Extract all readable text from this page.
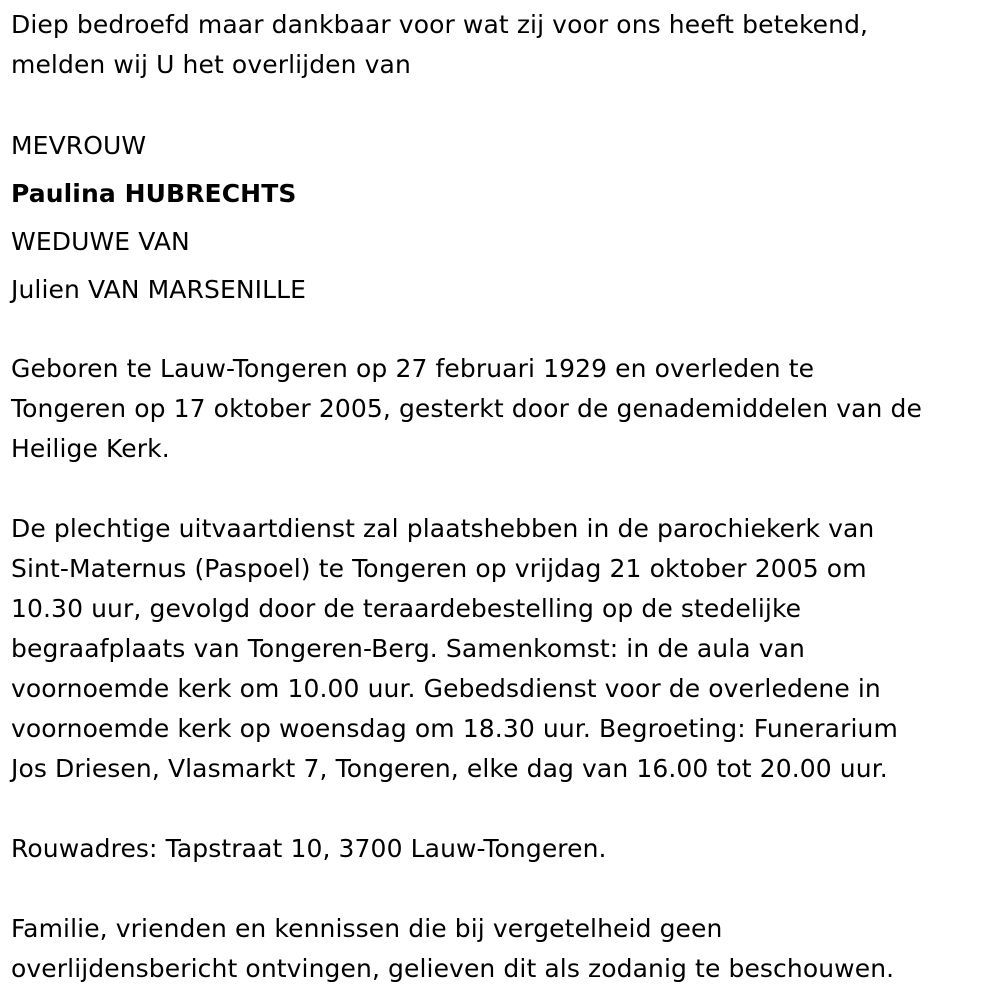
Diep bedroefd maar dankbaar voor wat zij voor ons heeft betekend,
melden wij U het overlijden van
MEVROUW
Paulina HUBRECHTS
WEDUWE VAN
Julien VAN MARSENILLE
Geboren te Lauw-Tongeren op 27 februari 1929 en overleden te
Tongeren op 17 oktober 2005, gesterkt door de genademiddelen van de
Heilige Kerk.
De plechtige uitvaartdienst zal plaatshebben in de parochiekerk van
Sint-Maternus (Paspoel) te Tongeren op vrijdag 21 oktober 2005 om
10.30 uur, gevolgd door de teraardebestelling op de stedelijke
begraafplaats van Tongeren-Berg. Samenkomst: in de aula van
voornoemde kerk om 10.00 uur. Gebedsdienst voor de overledene in
voornoemde kerk op woensdag om 18.30 uur. Begroeting: Funerarium
Jos Driesen, Vlasmarkt 7, Tongeren, elke dag van 16.00 tot 20.00 uur.
Rouwadres: Tapstraat 10, 3700 Lauw-Tongeren.
Familie, vrienden en kennissen die bij vergetelheid geen
overlijdensbericht ontvingen, gelieven dit als zodanig te beschouwen.
